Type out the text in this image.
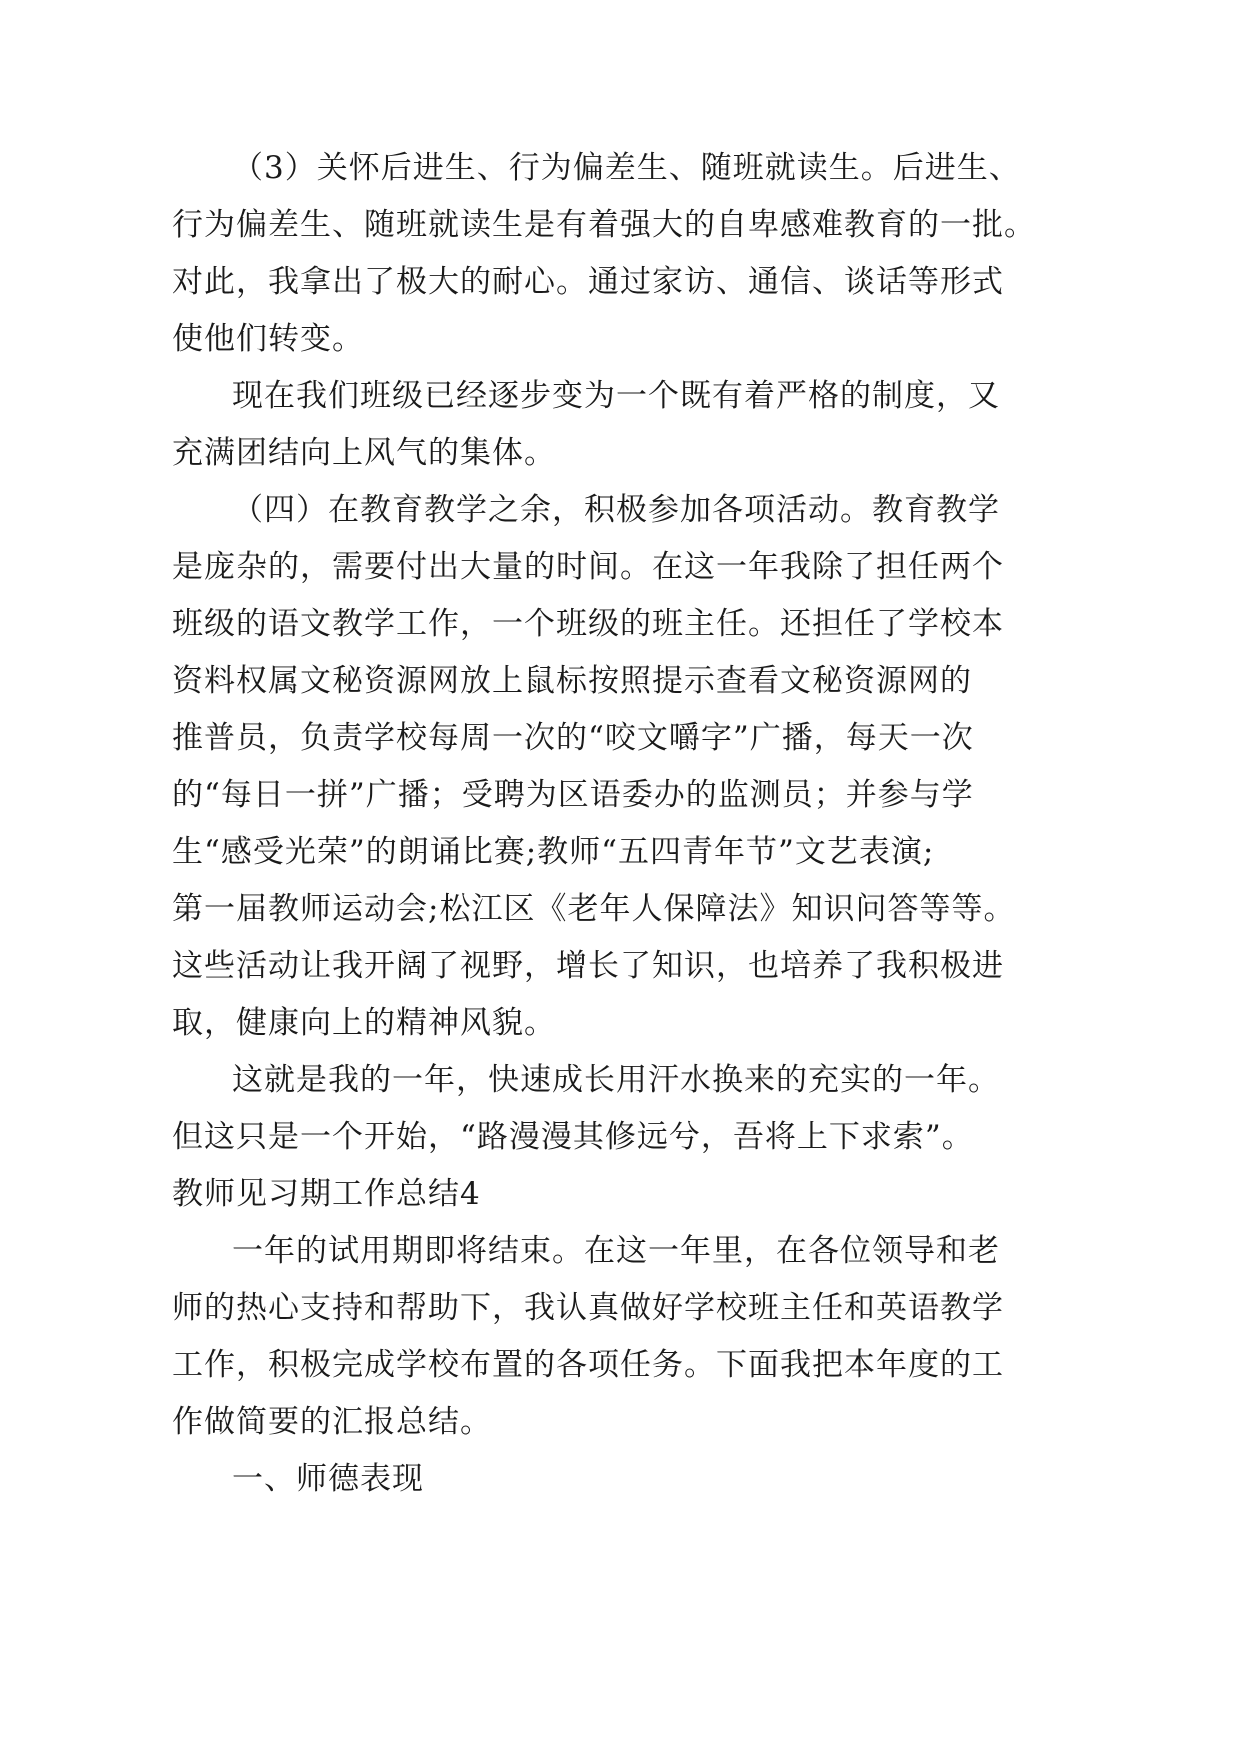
（3）关怀后进生、行为偏差生、随班就读生。后进生、
行为偏差生、随班就读生是有着强大的自卑感难教育的一批。
对此，我拿出了极大的耐心。通过家访、通信、谈话等形式
使他们转变。
现在我们班级已经逐步变为一个既有着严格的制度，又
充满团结向上风气的集体。
（四）在教育教学之余，积极参加各项活动。教育教学
是庞杂的，需要付出大量的时间。在这一年我除了担任两个
班级的语文教学工作，一个班级的班主任。还担任了学校本
资料权属文秘资源网放上鼠标按照提示查看文秘资源网的
推普员，负责学校每周一次的“咬文嚼字”广播，每天一次
的“每日一拼”广播；受聘为区语委办的监测员；并参与学
生“感受光荣”的朗诵比赛;教师“五四青年节”文艺表演;
第一届教师运动会;松江区《老年人保障法》知识问答等等。
这些活动让我开阔了视野，增长了知识，也培养了我积极进
取，健康向上的精神风貌。
这就是我的一年，快速成长用汗水换来的充实的一年。
但这只是一个开始，“路漫漫其修远兮，吾将上下求索”。
教师见习期工作总结4
一年的试用期即将结束。在这一年里，在各位领导和老
师的热心支持和帮助下，我认真做好学校班主任和英语教学
工作，积极完成学校布置的各项任务。下面我把本年度的工
作做简要的汇报总结。
一、师德表现
